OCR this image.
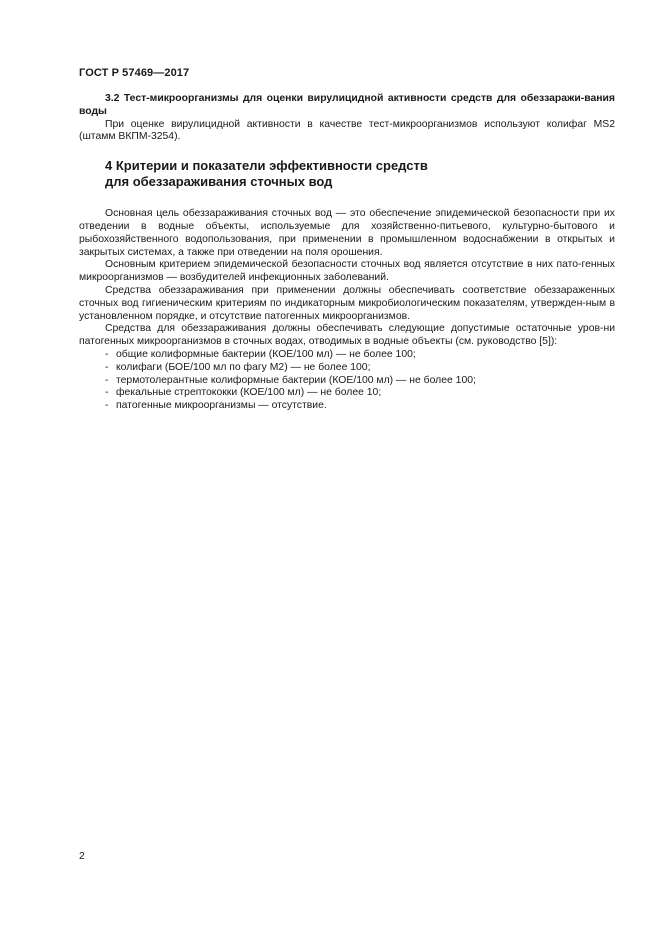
ГОСТ Р 57469—2017

3.2 Тест-микроорганизмы для оценки вирулицидной активности средств для обеззаражи-вания воды

При оценке вирулицидной активности в качестве тест-микроорганизмов используют колифаг MS2 (штамм ВКПМ-3254).

4 Критерии и показатели эффективности средств
для обеззараживания сточных вод

Основная цель обеззараживания сточных вод — это обеспечение эпидемической безопасности при их отведении в водные объекты, используемые для хозяйственно-питьевого, культурно-бытового и рыбохозяйственного водопользования, при применении в промышленном водоснабжении в открытых и закрытых системах, а также при отведении на поля орошения.

Основным критерием эпидемической безопасности сточных вод является отсутствие в них пато-генных микроорганизмов — возбудителей инфекционных заболеваний.

Средства обеззараживания при применении должны обеспечивать соответствие обеззараженных сточных вод гигиеническим критериям по индикаторным микробиологическим показателям, утвержден-ным в установленном порядке, и отсутствие патогенных микроорганизмов.

Средства для обеззараживания должны обеспечивать следующие допустимые остаточные уров-ни патогенных микроорганизмов в сточных водах, отводимых в водные объекты (см. руководство [5]):

- общие колиформные бактерии (КОЕ/100 мл) — не более 100;
- колифаги (БОЕ/100 мл по фагу М2) — не более 100;
- термотолерантные колиформные бактерии (КОЕ/100 мл) — не более 100;
- фекальные стрептококки (КОЕ/100 мл) — не более 10;
- патогенные микроорганизмы — отсутствие.
2
